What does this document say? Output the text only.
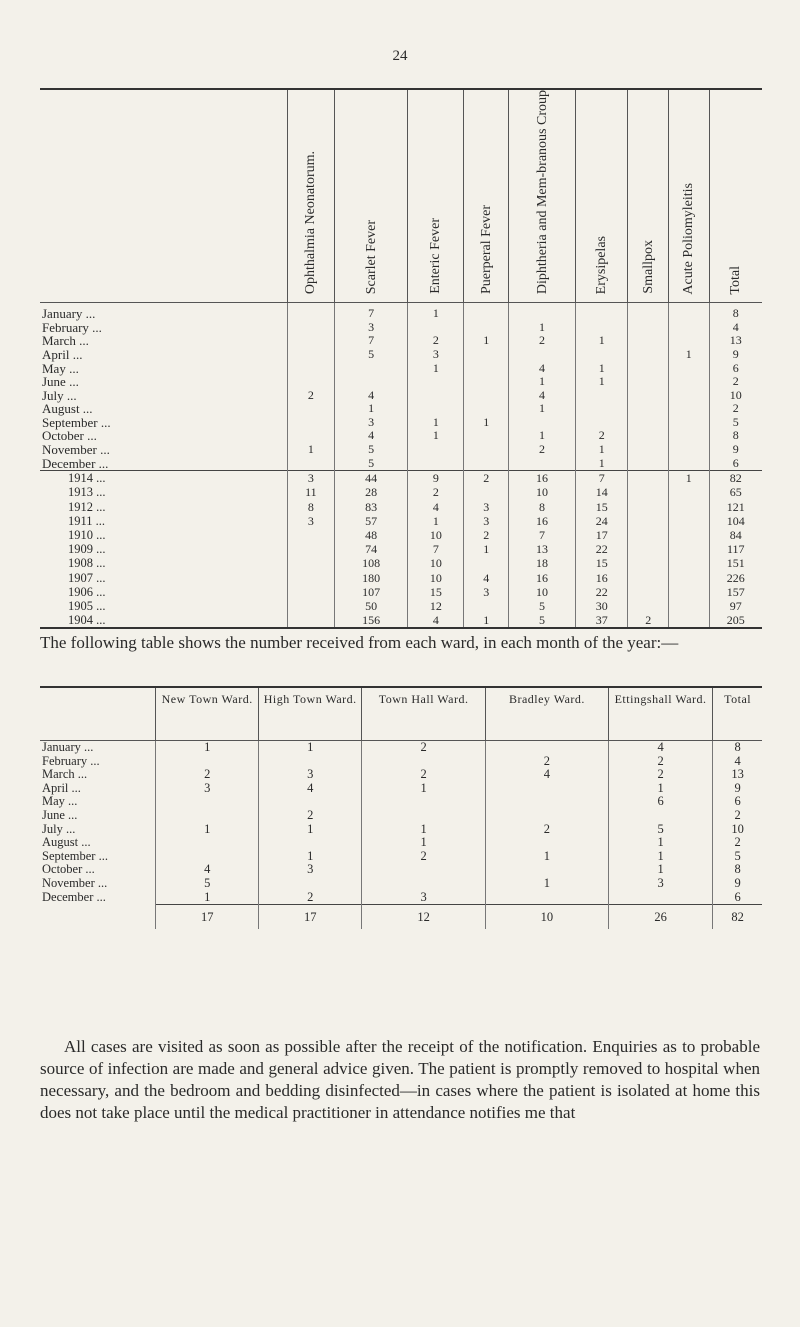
24
	Ophthalmia Neonatorum.	Scarlet Fever	Enteric Fever	Puerperal Fever	Diphtheria and Mem-branous Croup	Erysipelas	Smallpox	Acute Poliomyleitis	Total
January ...		7	1						8
February ...		3			1				4
March ...		7	2	1	2	1			13
April ...		5	3					1	9
May ...			1		4	1			6
June ...					1	1			2
July ...	2	4			4				10
August ...		1			1				2
September ...		3	1	1					5
October ...		4	1		1	2			8
November ...	1	5			2	1			9
December ...		5				1			6
1914 ...	3	44	9	2	16	7		1	82
1913 ...	11	28	2		10	14			65
1912 ...	8	83	4	3	8	15			121
1911 ...	3	57	1	3	16	24			104
1910 ...		48	10	2	7	17			84
1909 ...		74	7	1	13	22			117
1908 ...		108	10		18	15			151
1907 ...		180	10	4	16	16			226
1906 ...		107	15	3	10	22			157
1905 ...		50	12		5	30			97
1904 ...		156	4	1	5	37	2		205
The following table shows the number received from each ward, in each month of the year:—
	New Town Ward.	High Town Ward.	Town Hall Ward.	Bradley Ward.	Ettingshall Ward.	Total
January ...	1	1	2		4	8
February ...				2	2	4
March ...	2	3	2	4	2	13
April ...	3	4	1		1	9
May ...					6	6
June ...		2				2
July ...	1	1	1	2	5	10
August ...			1		1	2
September ...		1	2	1	1	5
October ...	4	3			1	8
November ...	5			1	3	9
December ...	1	2	3			6
	17	17	12	10	26	82

All cases are visited as soon as possible after the receipt of the notification. Enquiries as to probable source of infection are made and general advice given. The patient is promptly removed to hospital when necessary, and the bedroom and bedding disinfected—in cases where the patient is isolated at home this does not take place until the medical practitioner in attendance notifies me that
